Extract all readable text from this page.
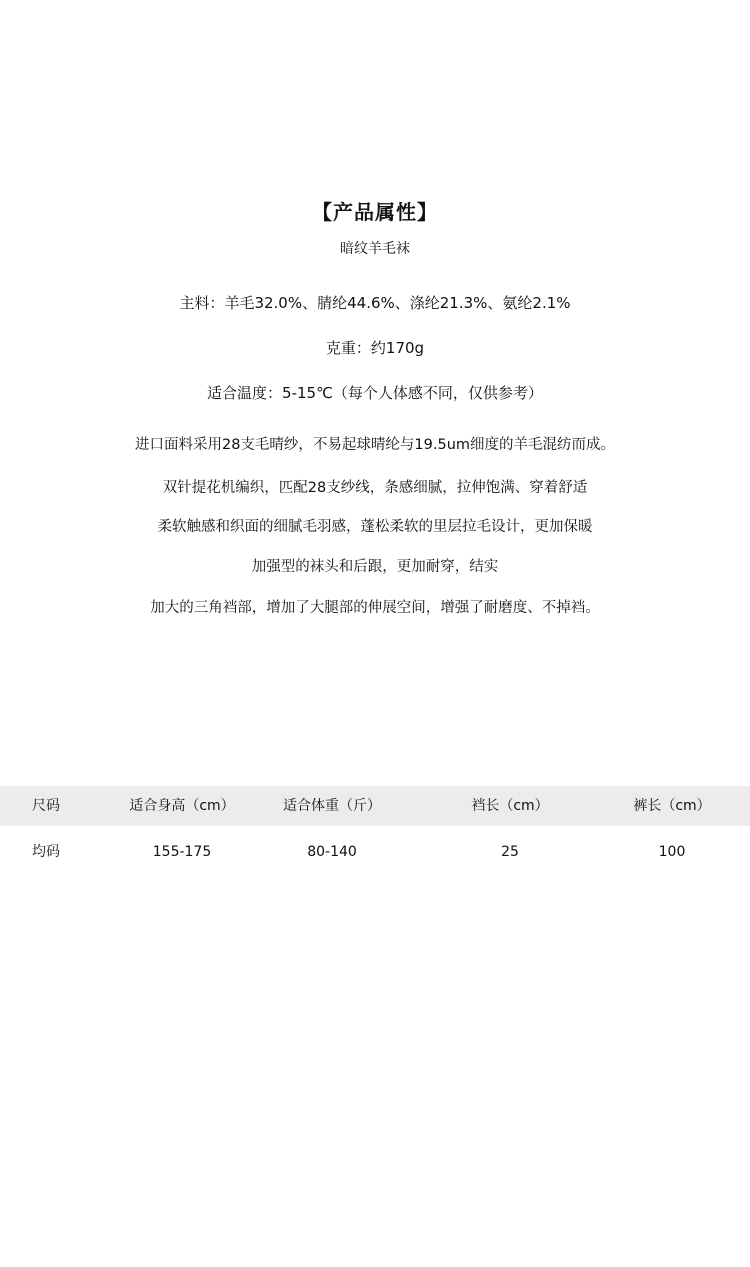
【产品属性】
暗纹羊毛袜
主料：羊毛32.0%、腈纶44.6%、涤纶21.3%、氨纶2.1%
克重：约170g
适合温度：5-15℃（每个人体感不同，仅供参考）
进口面料采用28支毛晴纱，不易起球晴纶与19.5um细度的羊毛混纺而成。
双针提花机编织，匹配28支纱线，条感细腻，拉伸饱满、穿着舒适
柔软触感和织面的细腻毛羽感，蓬松柔软的里层拉毛设计，更加保暖
加强型的袜头和后跟，更加耐穿，结实
加大的三角裆部，增加了大腿部的伸展空间，增强了耐磨度、不掉裆。
尺码	适合身高（cm）	适合体重（斤）	裆长（cm）	裤长（cm）
均码	155-175	80-140	25	100
